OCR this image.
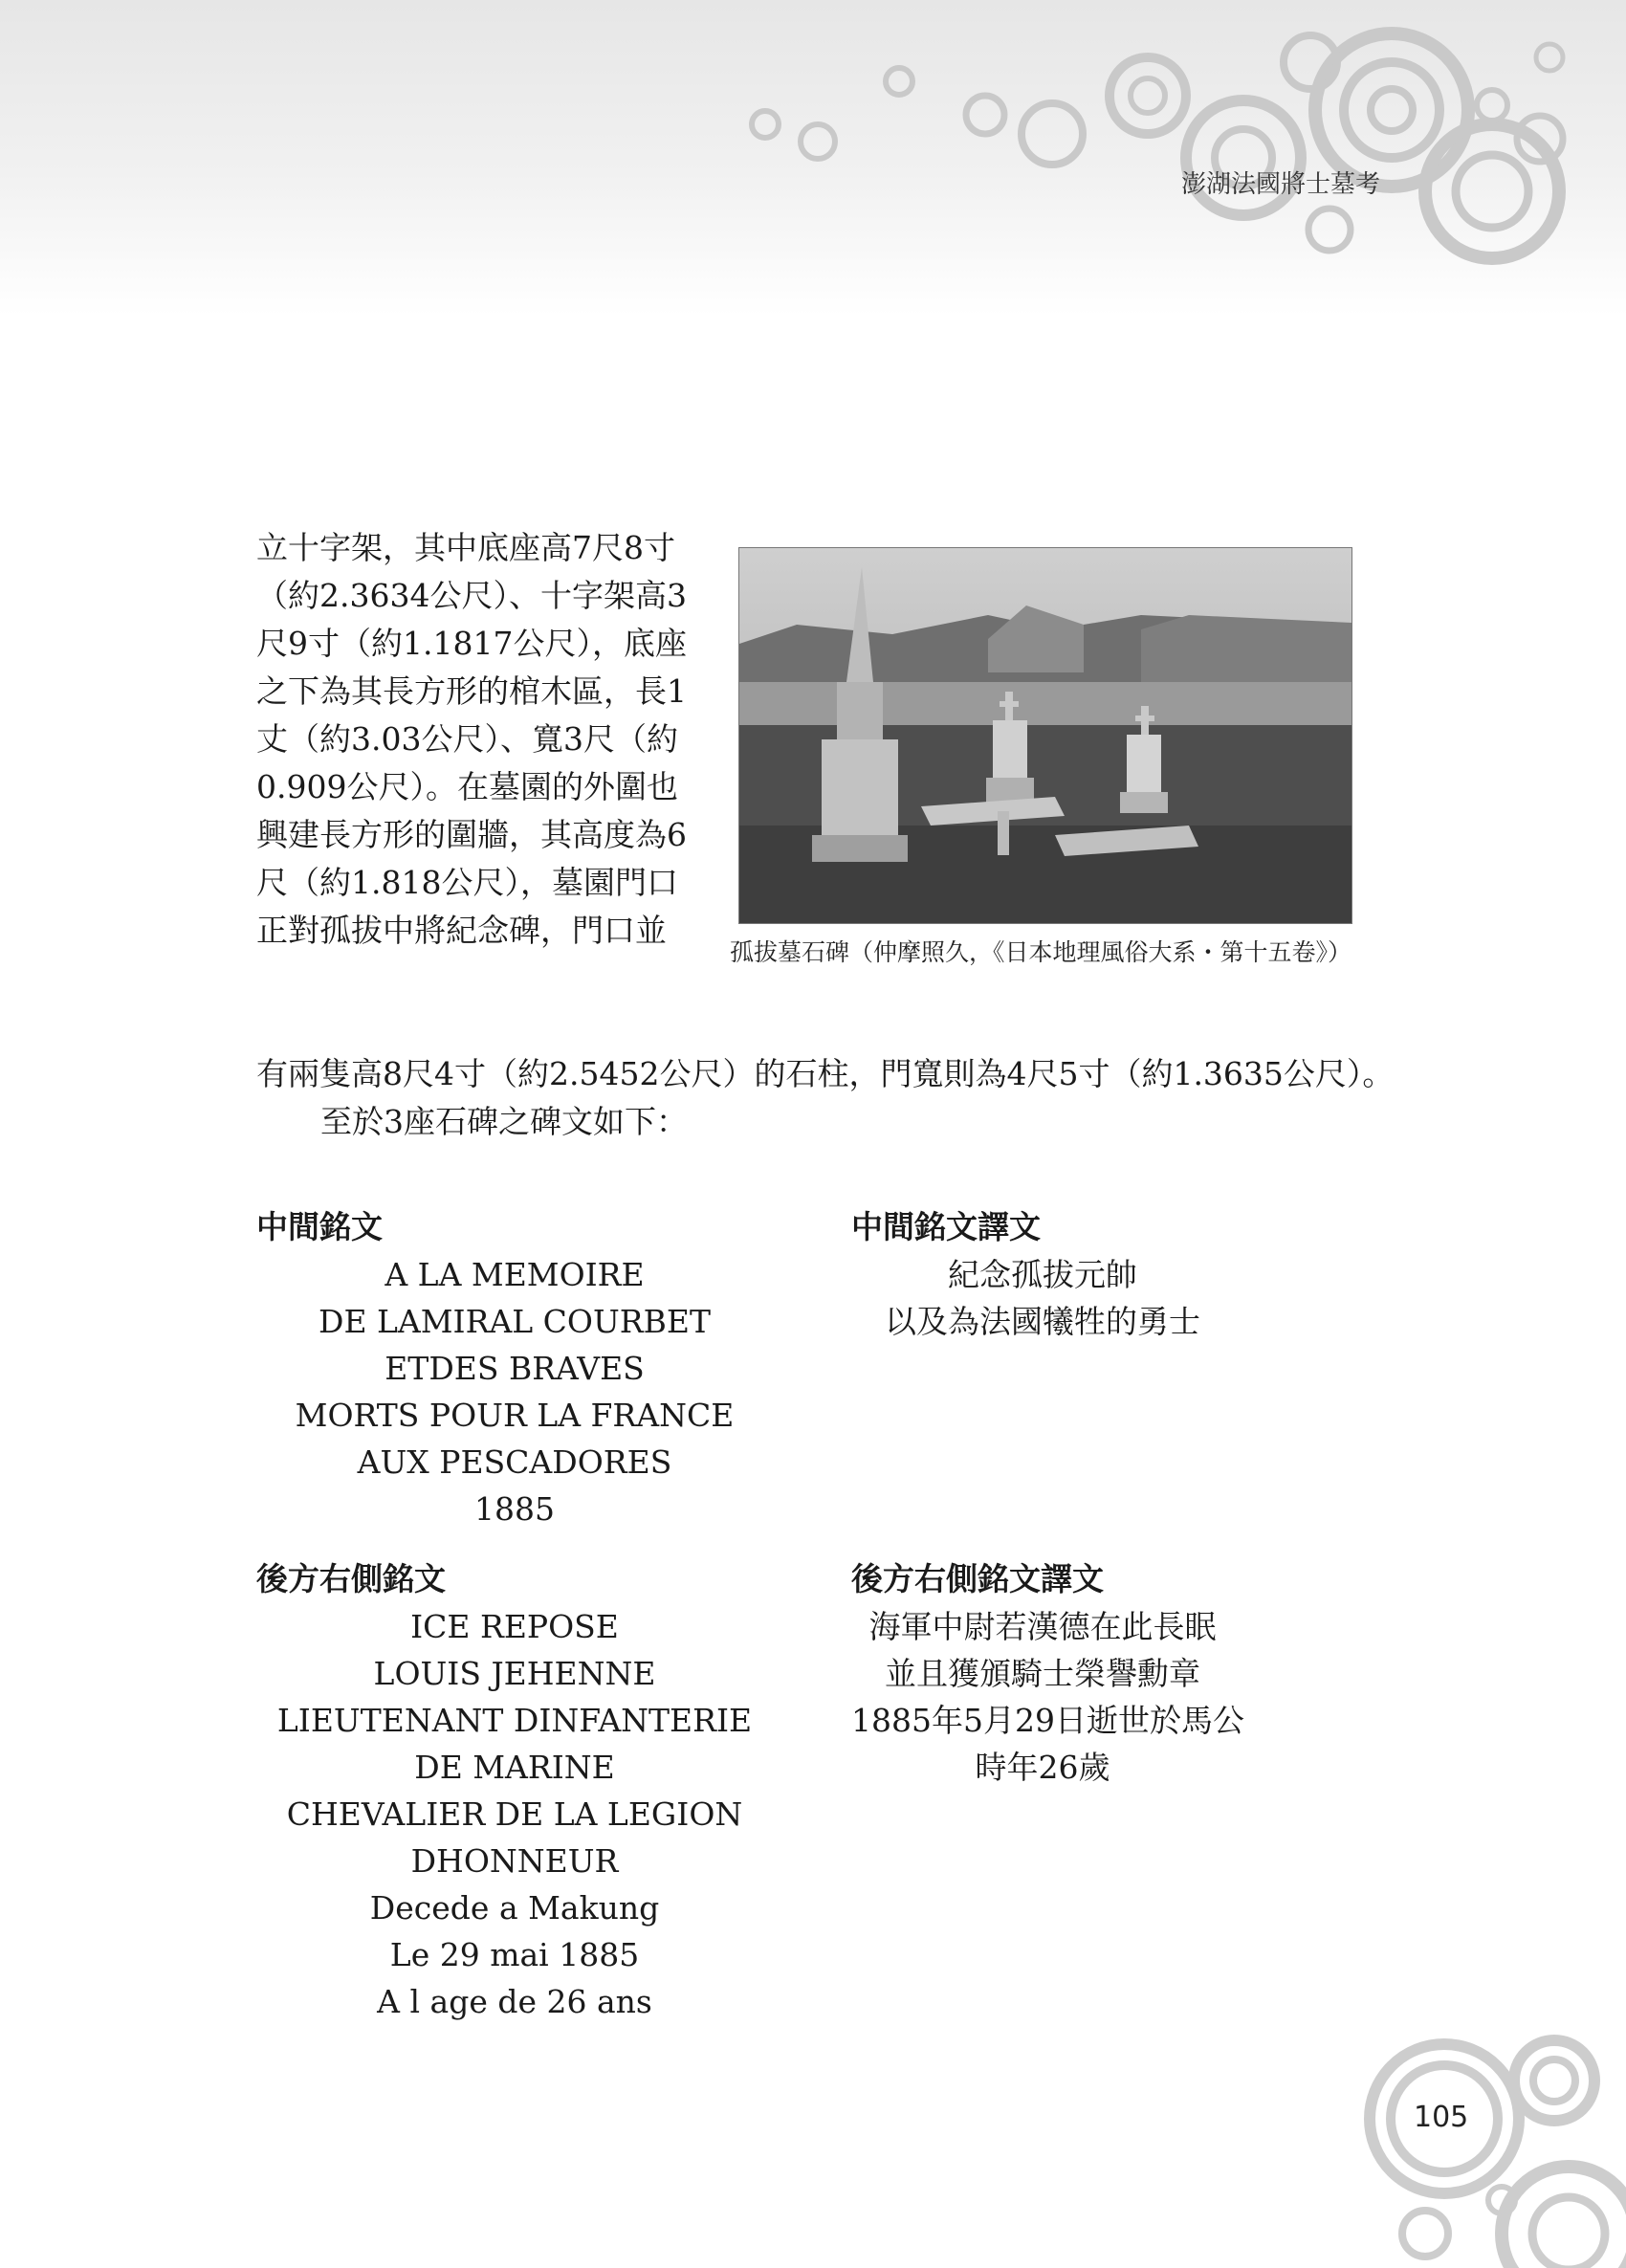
澎湖法國將士墓考

立十字架，其中底座高7尺8寸

（約2.3634公尺）、十字架高3

尺9寸（約1.1817公尺），底座

之下為其長方形的棺木區，長1

丈（約3.03公尺）、寬3尺（約

0.909公尺）。在墓園的外圍也

興建長方形的圍牆，其高度為6

尺（約1.818公尺），墓園門口

正對孤拔中將紀念碑，門口並

孤拔墓石碑（仲摩照久，《日本地理風俗大系・第十五卷》）
有兩隻高8尺4寸（約2.5452公尺）的石柱，門寬則為4尺5寸（約1.3635公尺）。
至於3座石碑之碑文如下：
中間銘文
A LA MEMOIRE
DE LAMIRAL COURBET
ETDES BRAVES
MORTS POUR LA FRANCE
AUX PESCADORES
1885
中間銘文譯文
紀念孤拔元帥
以及為法國犧牲的勇士
後方右側銘文
ICE REPOSE
LOUIS JEHENNE
LIEUTENANT DINFANTERIE
DE MARINE
CHEVALIER DE LA LEGION
DHONNEUR
Decede a Makung
Le 29 mai 1885
A l age de 26 ans
後方右側銘文譯文
海軍中尉若漢德在此長眠
並且獲頒騎士榮譽勳章
1885年5月29日逝世於馬公
時年26歲
105
